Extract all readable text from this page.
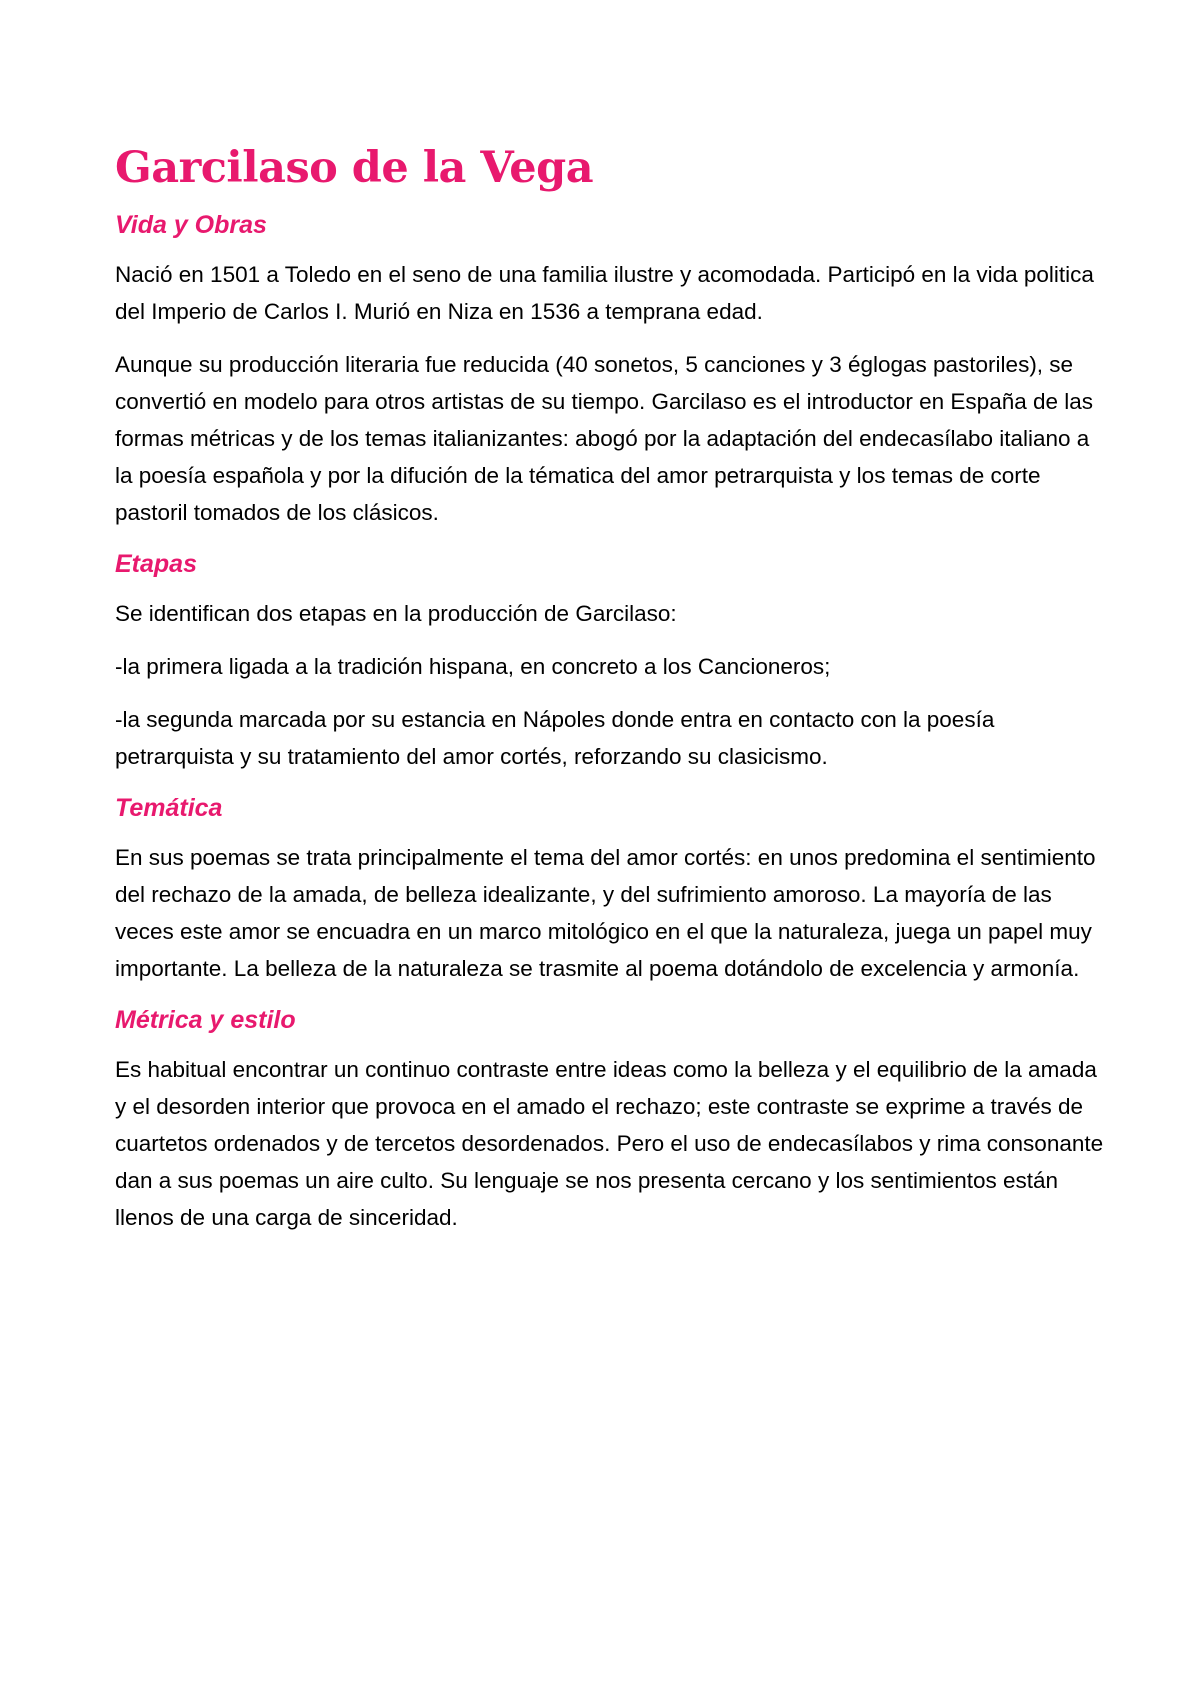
Garcilaso de la Vega
Vida y Obras

Nació en 1501 a Toledo en el seno de una familia ilustre y acomodada. Participó en la vida politica del Imperio de Carlos I. Murió en Niza en 1536 a temprana edad.

Aunque su producción literaria fue reducida (40 sonetos, 5 canciones y 3 églogas pastoriles), se convertió en modelo para otros artistas de su tiempo. Garcilaso es el introductor en España de las formas métricas y de los temas italianizantes: abogó por la adaptación del endecasílabo italiano a la poesía española y por la difución de la tématica del amor petrarquista y los temas de corte pastoril tomados de los clásicos.

Etapas

Se identifican dos etapas en la producción de Garcilaso:

-la primera ligada a la tradición hispana, en concreto a los Cancioneros;

-la segunda marcada por su estancia en Nápoles donde entra en contacto con la poesía petrarquista y su tratamiento del amor cortés, reforzando su clasicismo.

Temática

En sus poemas se trata principalmente el tema del amor cortés: en unos predomina el sentimiento del rechazo de la amada, de belleza idealizante, y del sufrimiento amoroso. La mayoría de las veces este amor se encuadra en un marco mitológico en el que la naturaleza, juega un papel muy importante. La belleza de la naturaleza se trasmite al poema dotándolo de excelencia y armonía.

Métrica y estilo

Es habitual encontrar un continuo contraste entre ideas como la belleza y el equilibrio de la amada y el desorden interior que provoca en el amado el rechazo; este contraste se exprime a través de cuartetos ordenados y de tercetos desordenados. Pero el uso de endecasílabos y rima consonante dan a sus poemas un aire culto. Su lenguaje se nos presenta cercano y los sentimientos están llenos de una carga de sinceridad.
